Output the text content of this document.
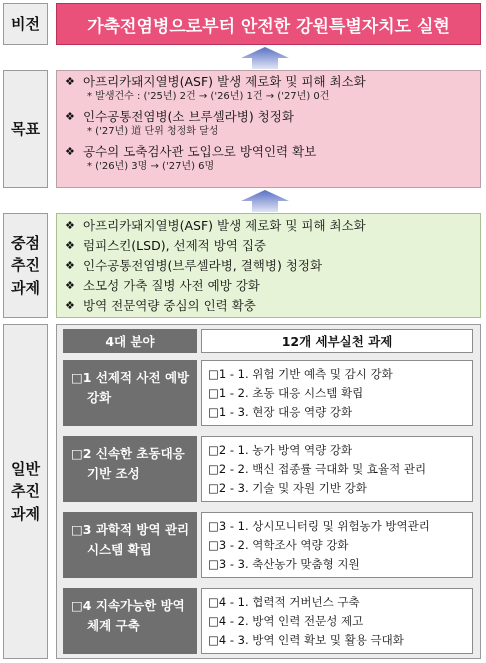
비전	가축전염병으로부터 안전한 강원특별자치도 실현
목표
❖ 아프리카돼지열병(ASF) 발생 제로화 및 피해 최소화
* 발생건수 : ('25년) 2건 → ('26년) 1건 → ('27년) 0건
❖ 인수공통전염병(소 브루셀라병) 청정화
* ('27년) 道 단위 청정화 달성
❖ 공수의 도축검사관 도입으로 방역인력 확보
* ('26년) 3명 → ('27년) 6명
중점
추진
과제
❖ 아프리카돼지열병(ASF) 발생 제로화 및 피해 최소화
❖ 럼피스킨(LSD), 선제적 방역 집중
❖ 인수공통전염병(브루셀라병, 결핵병) 청정화
❖ 소모성 가축 질병 사전 예방 강화
❖ 방역 전문역량 중심의 인력 확충
일반
추진
과제
4대 분야	12개 세부실천 과제
□1 선제적 사전 예방
강화
□1 - 1. 위험 기반 예측 및 감시 강화
□1 - 2. 초동 대응 시스템 확립
□1 - 3. 현장 대응 역량 강화
□2 신속한 초동대응
기반 조성
□2 - 1. 농가 방역 역량 강화
□2 - 2. 백신 접종률 극대화 및 효율적 관리
□2 - 3. 기술 및 자원 기반 강화
□3 과학적 방역 관리
시스템 확립
□3 - 1. 상시모니터링 및 위험농가 방역관리
□3 - 2. 역학조사 역량 강화
□3 - 3. 축산농가 맞춤형 지원
□4 지속가능한 방역
체계 구축
□4 - 1. 협력적 거버넌스 구축
□4 - 2. 방역 인력 전문성 제고
□4 - 3. 방역 인력 확보 및 활용 극대화
